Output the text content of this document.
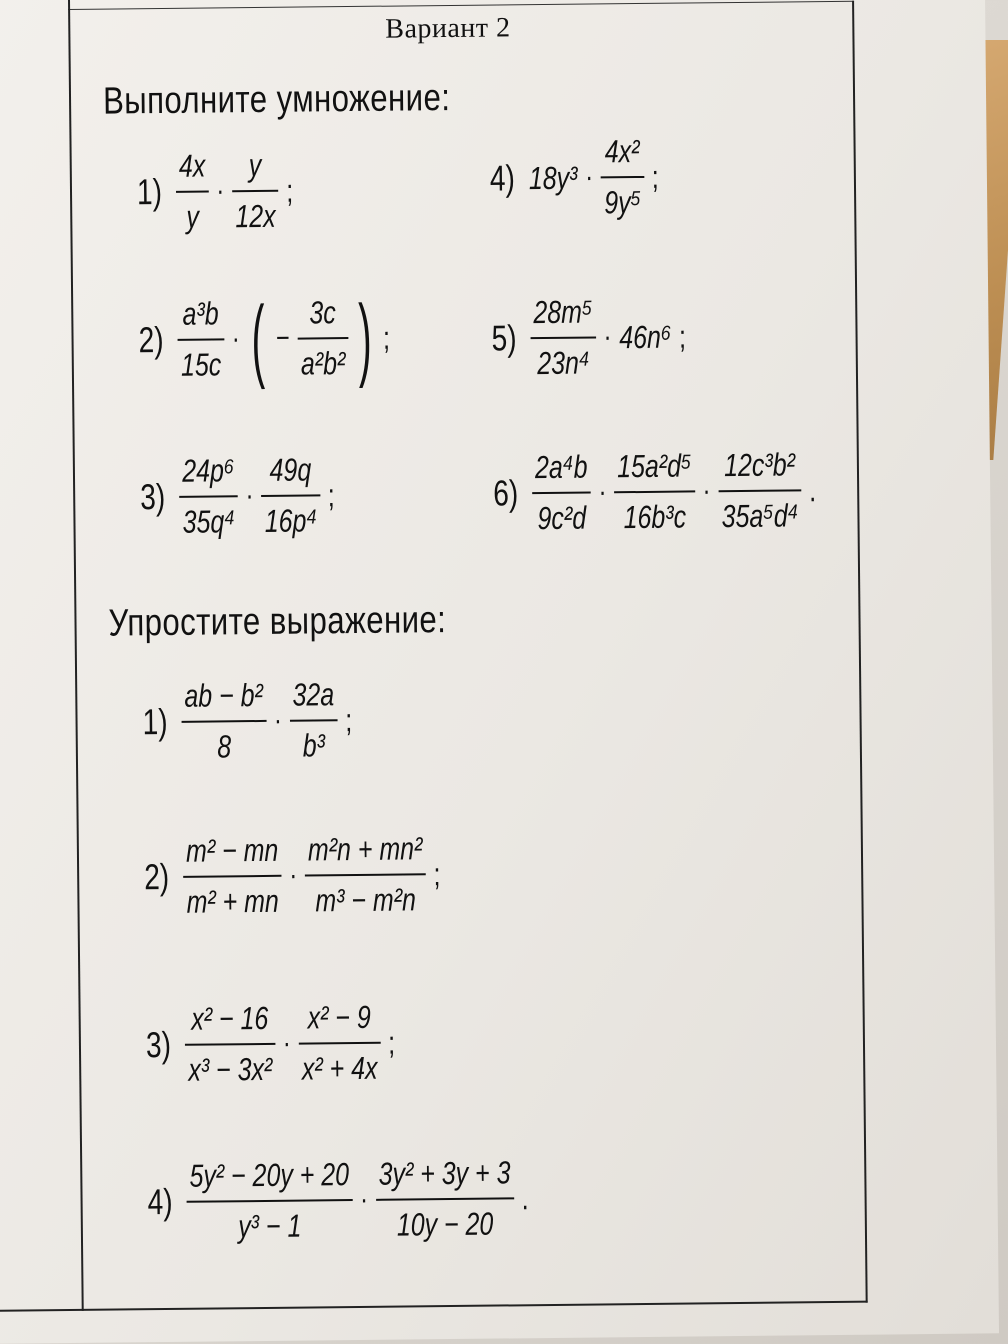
Вариант 2
Выполните умножение:
$1) \frac{4x}{y} \cdot \frac{y}{12x}$ ;	4) $18y^3 \cdot \frac{\text{4x²}}{\text{9y⁵}}$ ;
$2) \frac{\text{a³b}}{15c}$ · ( − $\frac{3c}{\text{a²b²}}$ ) ;	$5) \frac{\text{28m⁵}}{\text{23n⁴}} \cdot 46n^6$ ;
$3) \frac{\text{24p⁶}}{\text{35q⁴}} \cdot \frac{49q}{\text{16p⁴}}$ ;	$6) \frac{\text{2a⁴b}}{\text{9c²d}} \cdot \frac{\text{15a²d⁵}}{\text{16b³c}} \cdot \frac{\text{12c³b²}}{\text{35a⁵d⁴}}$ .
Упростите выражение:
$1) \frac{\text{ab − b²}}{8} \cdot \frac{32a}{\text{b³}}$ ;
$2) \frac{\text{m² − mn}}{\text{m² + mn}} \cdot \frac{\text{m²n + mn²}}{\text{m³ − m²n}}$ ;
$3) \frac{\text{x² − 16}}{\text{x³ − 3x²}} \cdot \frac{\text{x² − 9}}{\text{x² + 4x}}$ ;
$4) \frac{\text{5y² − 20y + 20}}{\text{y³ − 1}} \cdot \frac{\text{3y² + 3y + 3}}{10y - 20}$ .
